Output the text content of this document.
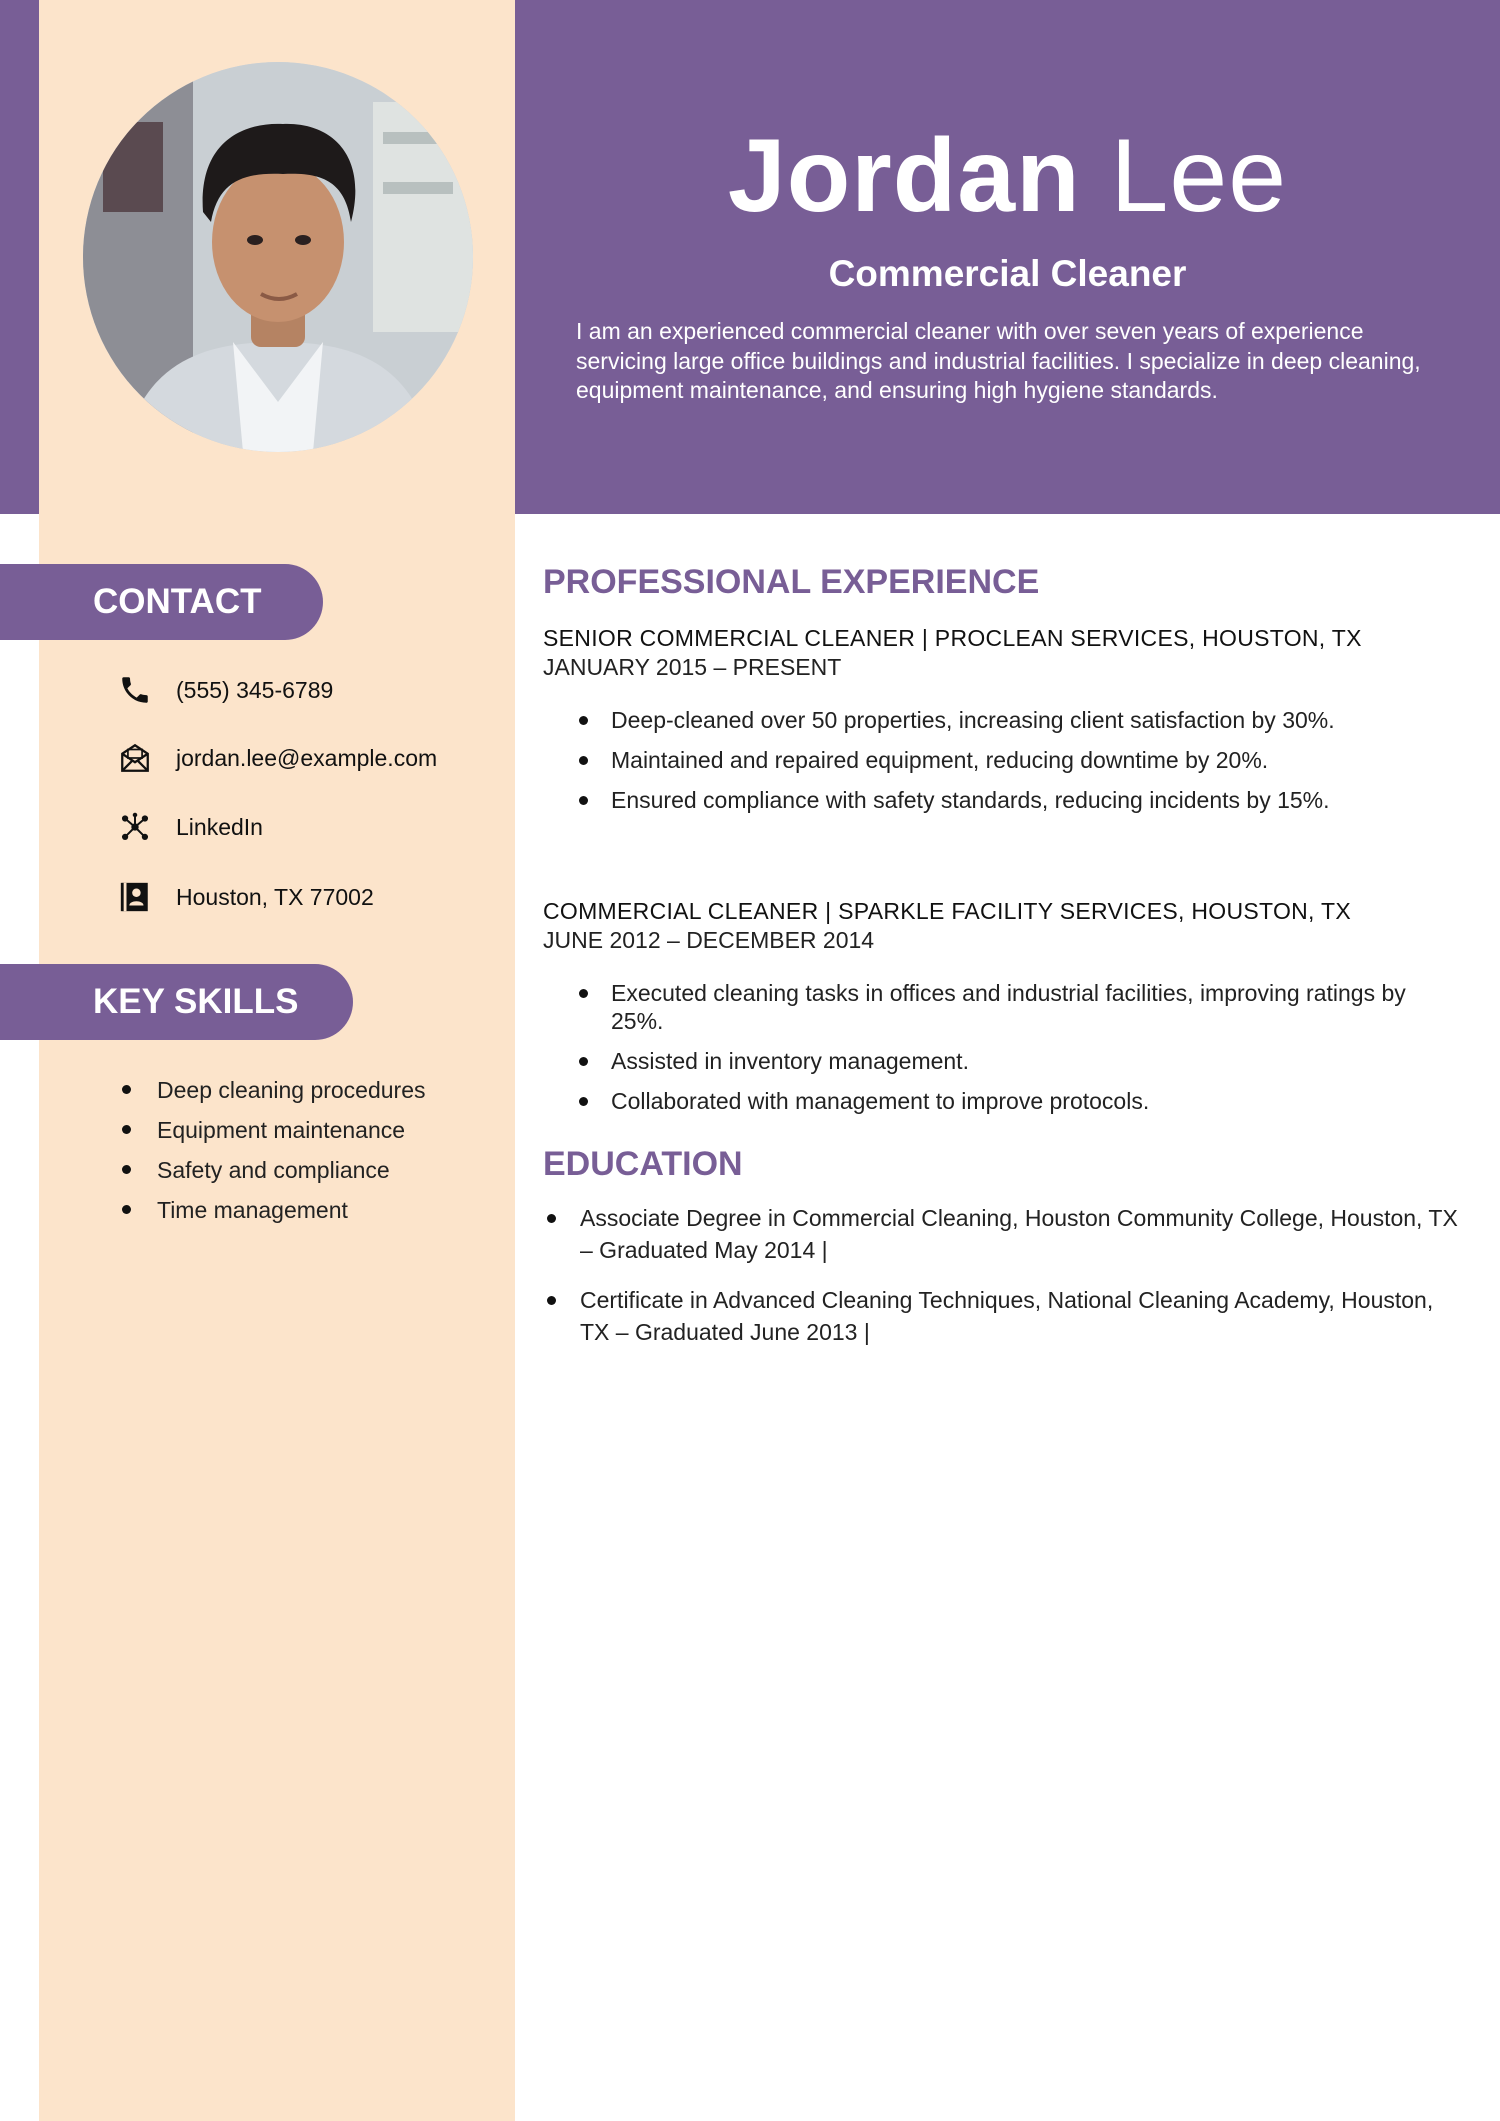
Jordan Lee
Commercial Cleaner
I am an experienced commercial cleaner with over seven years of experience servicing large office buildings and industrial facilities. I specialize in deep cleaning, equipment maintenance, and ensuring high hygiene standards.
CONTACT
(555) 345-6789
jordan.lee@example.com
LinkedIn
Houston, TX 77002
KEY SKILLS
Deep cleaning procedures
Equipment maintenance
Safety and compliance
Time management
PROFESSIONAL EXPERIENCE
SENIOR COMMERCIAL CLEANER | PROCLEAN SERVICES, HOUSTON, TX
JANUARY 2015 – PRESENT
Deep-cleaned over 50 properties, increasing client satisfaction by 30%.
Maintained and repaired equipment, reducing downtime by 20%.
Ensured compliance with safety standards, reducing incidents by 15%.
COMMERCIAL CLEANER | SPARKLE FACILITY SERVICES, HOUSTON, TX
JUNE 2012 – DECEMBER 2014
Executed cleaning tasks in offices and industrial facilities, improving ratings by 25%.
Assisted in inventory management.
Collaborated with management to improve protocols.
EDUCATION
Associate Degree in Commercial Cleaning, Houston Community College, Houston, TX – Graduated May 2014 |
Certificate in Advanced Cleaning Techniques, National Cleaning Academy, Houston, TX – Graduated June 2013 |
